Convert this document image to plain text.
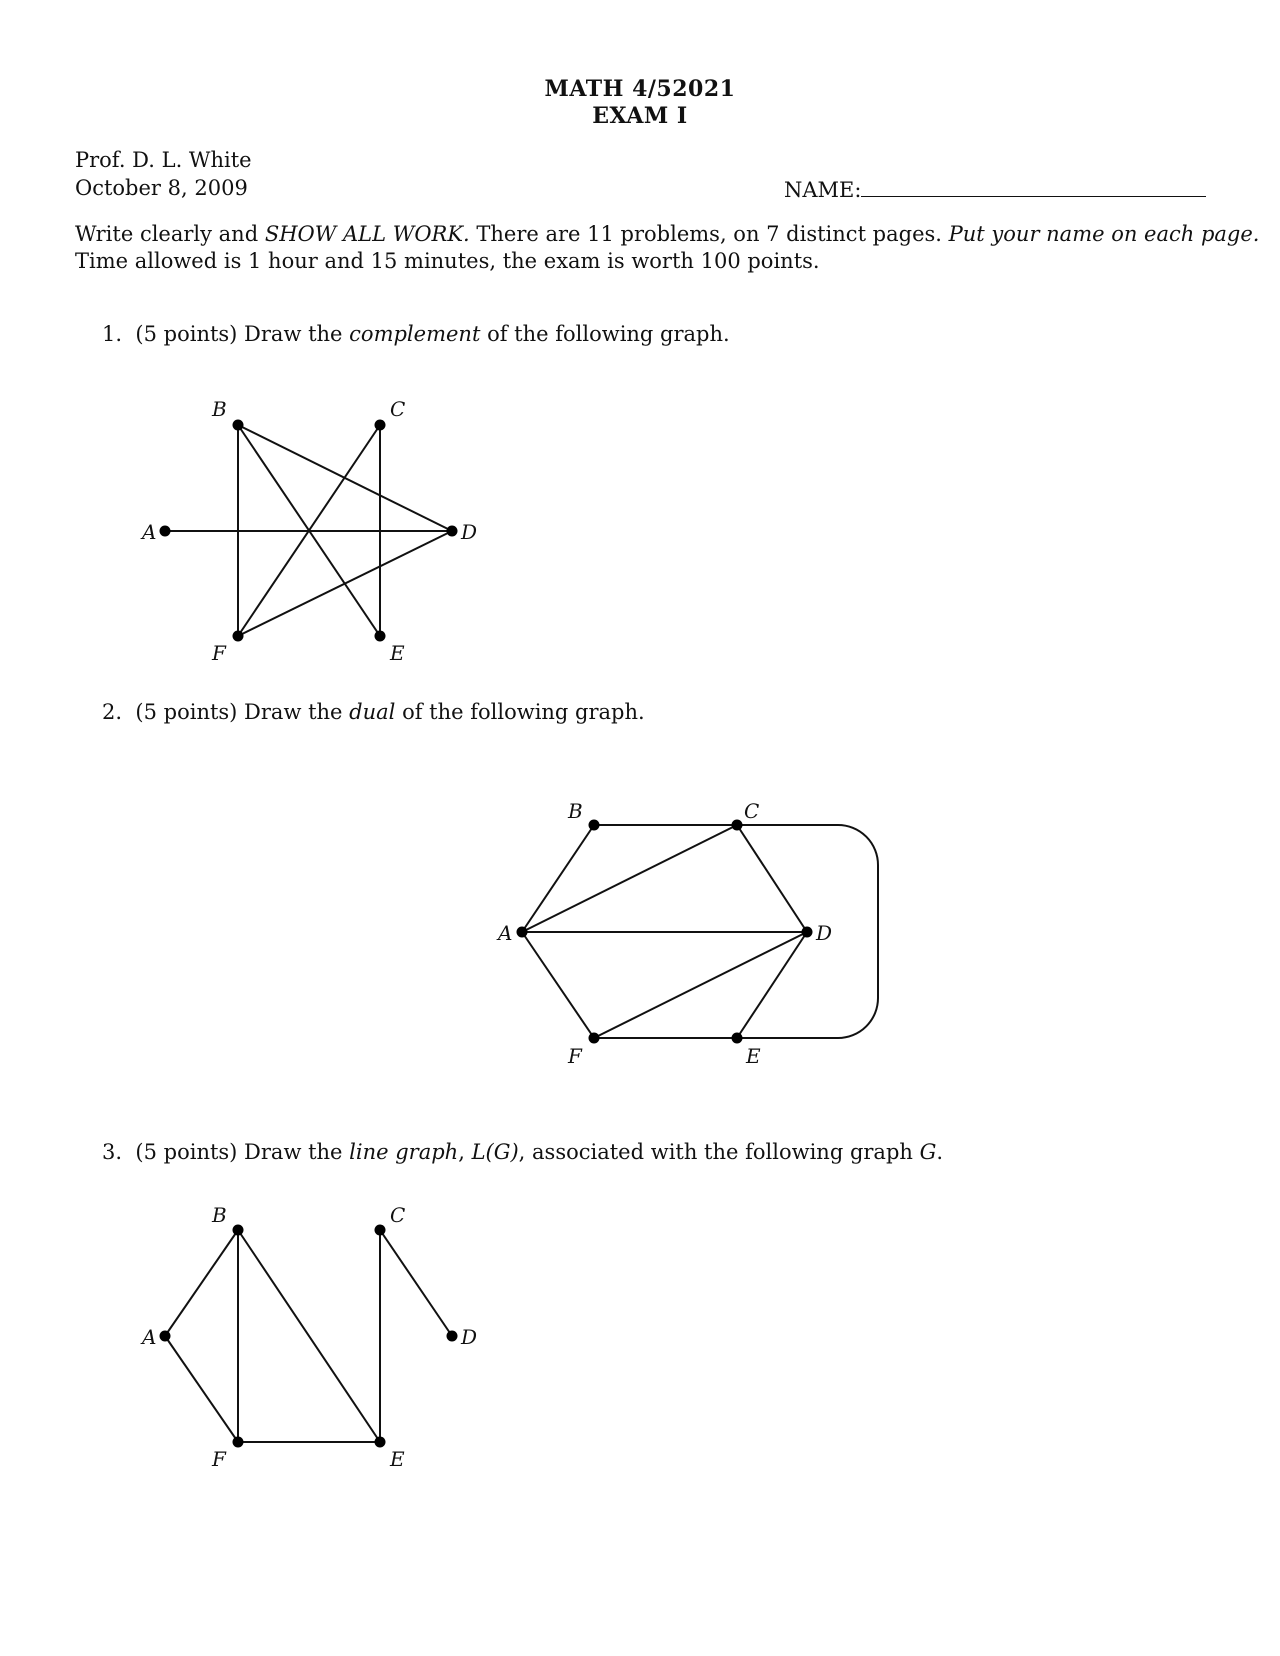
MATH 4/52021
EXAM I
Prof. D. L. White
October 8, 2009	NAME:
Write clearly and SHOW ALL WORK. There are 11 problems, on 7 distinct pages. Put your name on each page.
Time allowed is 1 hour and 15 minutes, the exam is worth 100 points.
1. (5 points) Draw the complement of the following graph.
A
B	C
D
E
F
A
B	C
D
E
F
A
B	C
D
E
F
2. (5 points) Draw the dual of the following graph.
3. (5 points) Draw the line graph, L(G), associated with the following graph G.
